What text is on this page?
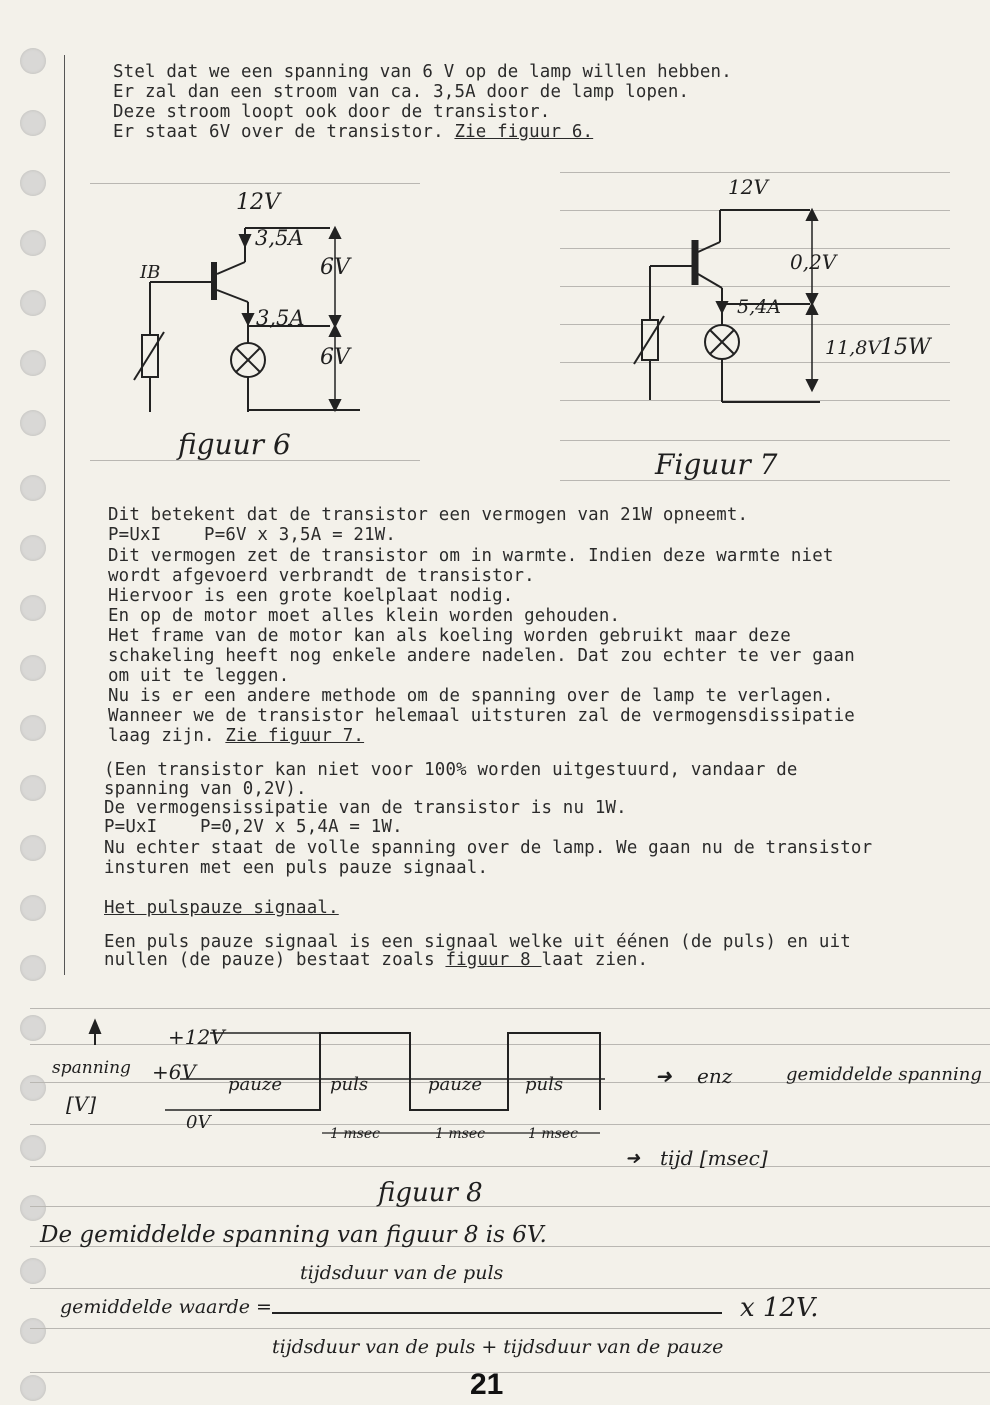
Stel dat we een spanning van 6 V op de lamp willen hebben.
Er zal dan een stroom van ca. 3,5A door de lamp lopen.
Deze stroom loopt ook door de transistor.
Er staat 6V over de transistor. Zie figuur 6.
12V
3,5A
IB	6V
3,5A
6V
figuur 6
12V
0,2V
5,4A
11,8V
15W
Figuur 7
Dit betekent dat de transistor een vermogen van 21W opneemt.
P=UxI    P=6V x 3,5A = 21W.
Dit vermogen zet de transistor om in warmte. Indien deze warmte niet
wordt afgevoerd verbrandt de transistor.
Hiervoor is een grote koelplaat nodig.
En op de motor moet alles klein worden gehouden.
Het frame van de motor kan als koeling worden gebruikt maar deze
schakeling heeft nog enkele andere nadelen. Dat zou echter te ver gaan
om uit te leggen.
Nu is er een andere methode om de spanning over de lamp te verlagen.
Wanneer we de transistor helemaal uitsturen zal de vermogensdissipatie
laag zijn. Zie figuur 7.
(Een transistor kan niet voor 100% worden uitgestuurd, vandaar de
spanning van 0,2V).
De vermogensissipatie van de transistor is nu 1W.
P=UxI    P=0,2V x 5,4A = 1W.
Nu echter staat de volle spanning over de lamp. We gaan nu de transistor
insturen met een puls pauze signaal.
Het pulspauze signaal.
Een puls pauze signaal is een signaal welke uit éénen (de puls) en uit
nullen (de pauze) bestaat zoals figuur 8 laat zien.
spanning
[V]
+12V
+6V
0V
pauze	puls	pauze puls	➜ enz	gemiddelde spanning
1 msec	1 msec	1 msec
➜ tijd [msec]
figuur 8
De gemiddelde spanning van figuur 8 is 6V.
tijdsduur van de puls
gemiddelde waarde =	x 12V.
tijdsduur van de puls + tijdsduur van de pauze
21
